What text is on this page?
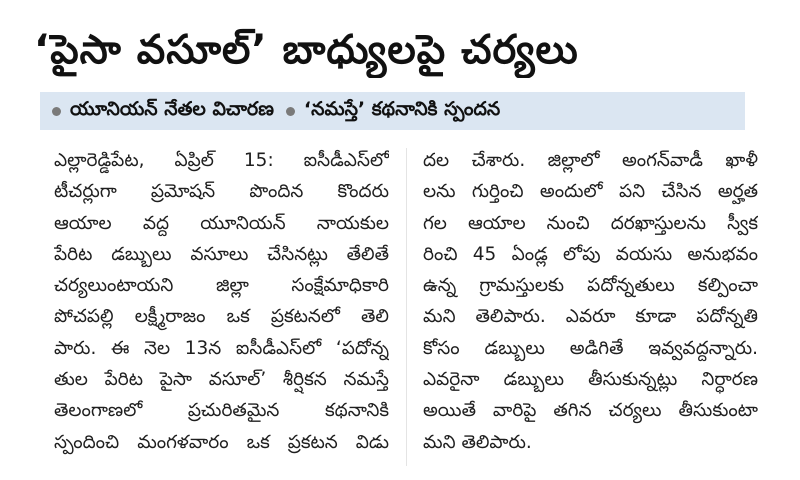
‘పైసా వసూల్’ బాధ్యులపై చర్యలు
యూనియన్ నేతల విచారణ ‘నమస్తే’ కథనానికి స్పందన
ఎల్లారెడ్డిపేట, ఏప్రిల్ 15: ఐసీడీఎస్‌లో
టీచర్లుగా ప్రమోషన్ పొందిన కొందరు
ఆయాల వద్ద యూనియన్ నాయకుల
పేరిట డబ్బులు వసూలు చేసినట్లు తేలితే
చర్యలుంటాయని జిల్లా సంక్షేమాధికారి
పోచపల్లి లక్ష్మీరాజం ఒక ప్రకటనలో తెలి
పారు. ఈ నెల 13న ఐసీడీఎస్‌లో ‘పదోన్న
తుల పేరిట పైసా వసూల్’ శీర్షికన నమస్తే
తెలంగాణలో ప్రచురితమైన కథనానికి
స్పందించి మంగళవారం ఒక ప్రకటన విడు
దల చేశారు. జిల్లాలో అంగన్‌వాడీ ఖాళీ
లను గుర్తించి అందులో పని చేసిన అర్హత
గల ఆయాల నుంచి దరఖాస్తులను స్వీక
రించి 45 ఏండ్ల లోపు వయసు అనుభవం
ఉన్న గ్రామస్తులకు పదోన్నతులు కల్పించా
మని తెలిపారు. ఎవరూ కూడా పదోన్నతి
కోసం డబ్బులు అడిగితే ఇవ్వవద్దన్నారు.
ఎవరైనా డబ్బులు తీసుకున్నట్లు నిర్ధారణ
అయితే వారిపై తగిన చర్యలు తీసుకుంటా
మని తెలిపారు.
